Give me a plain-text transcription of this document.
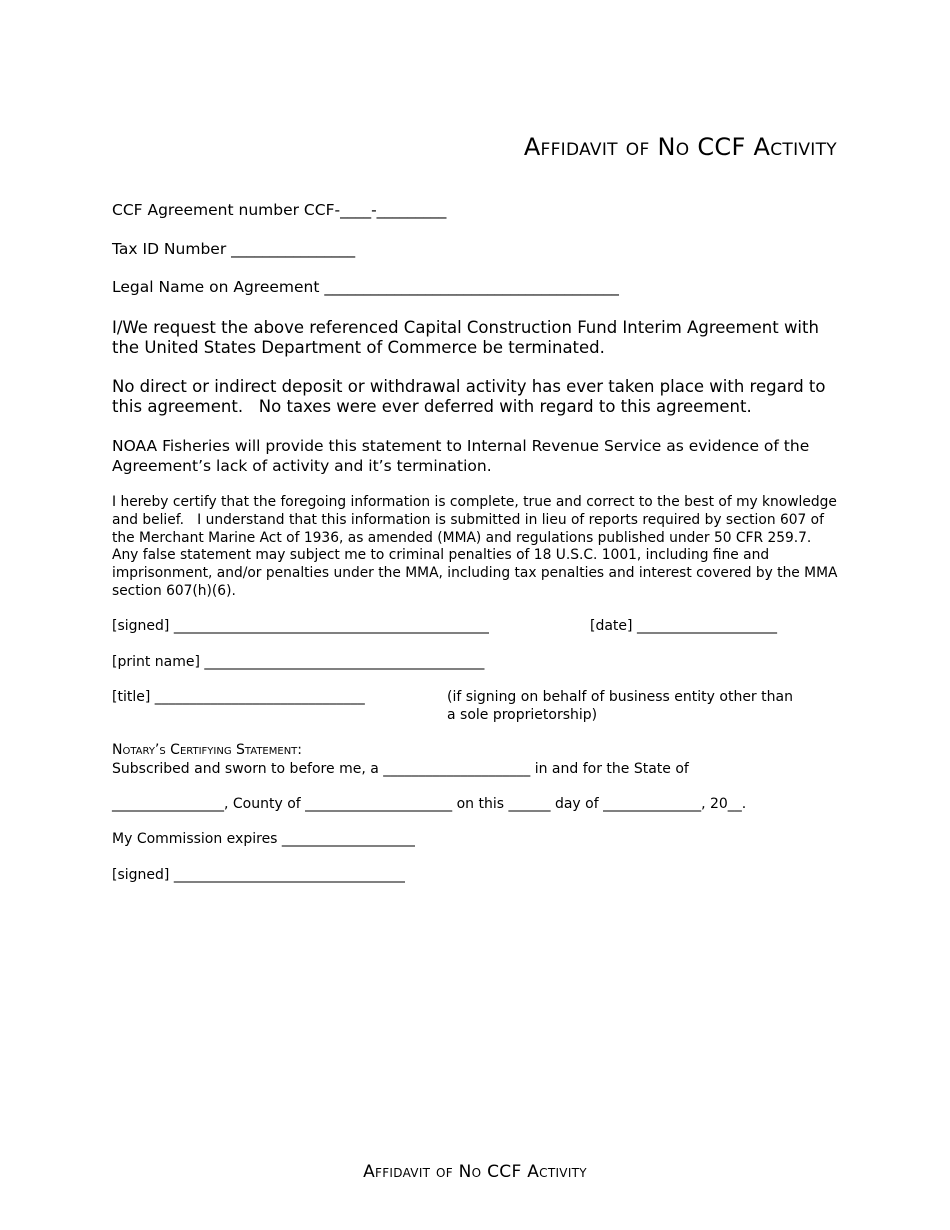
Affidavit of No CCF Activity
CCF Agreement number CCF-____-_________
Tax ID Number ________________
Legal Name on Agreement ______________________________________
I/We request the above referenced Capital Construction Fund Interim Agreement with the United States Department of Commerce be terminated.
No direct or indirect deposit or withdrawal activity has ever taken place with regard to this agreement.   No taxes were ever deferred with regard to this agreement.
NOAA Fisheries will provide this statement to Internal Revenue Service as evidence of the Agreement’s lack of activity and it’s termination.
I hereby certify that the foregoing information is complete, true and correct to the best of my knowledge and belief.   I understand that this information is submitted in lieu of reports required by section 607 of the Merchant Marine Act of 1936, as amended (MMA) and regulations published under 50 CFR 259.7.   Any false statement may subject me to criminal penalties of 18 U.S.C. 1001, including fine and imprisonment, and/or penalties under the MMA, including tax penalties and interest covered by the MMA section 607(h)(6).
[signed] _____________________________________________	[date] ____________________
[print name] ________________________________________
[title] ______________________________	(if signing on behalf of business entity other than
a sole proprietorship)
Notary’s Certifying Statement:
Subscribed and sworn to before me, a _____________________ in and for the State of
________________, County of _____________________ on this ______ day of ______________, 20__.
My Commission expires ___________________
[signed] _________________________________
Affidavit of No CCF Activity
